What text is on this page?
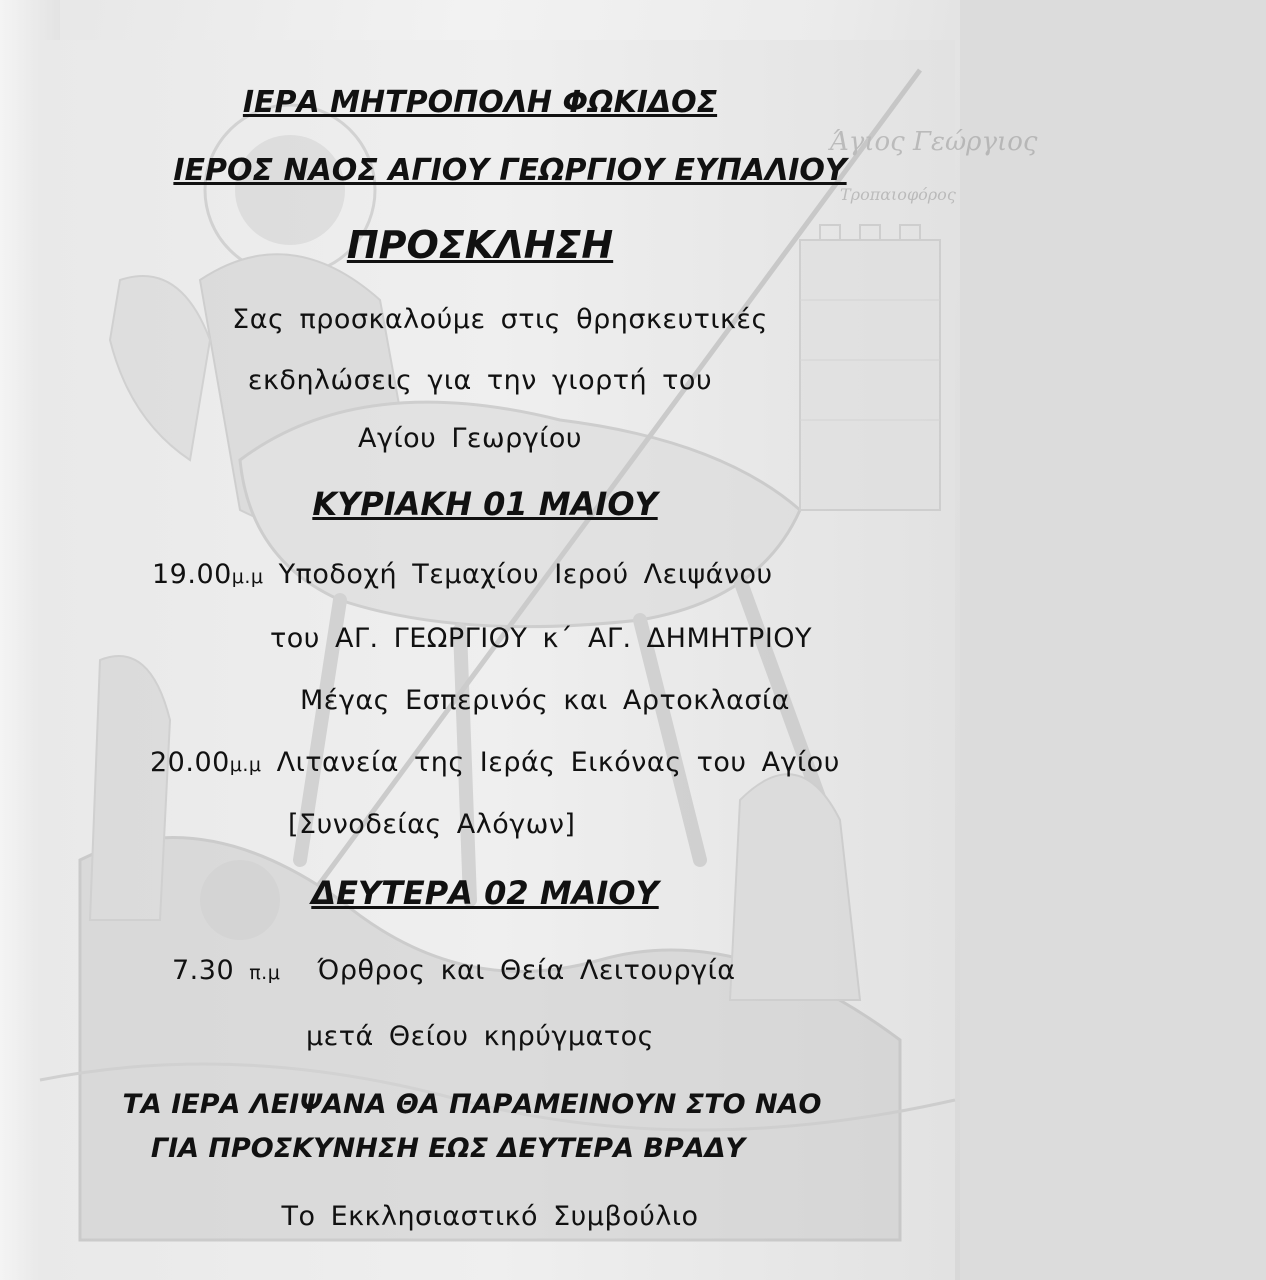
Άγιος Γεώργιος
Τροπαιοφόρος
ΙΕΡΑ ΜΗΤΡΟΠΟΛΗ ΦΩΚΙΔΟΣ
ΙΕΡΟΣ ΝΑΟΣ ΑΓΙΟΥ ΓΕΩΡΓΙΟΥ ΕΥΠΑΛΙΟΥ
ΠΡΟΣΚΛΗΣΗ
Σας προσκαλούμε στις θρησκευτικές
εκδηλώσεις για την γιορτή του
Αγίου Γεωργίου
ΚΥΡΙΑΚΗ 01 ΜΑΙΟΥ
19.00μ.μ Υποδοχή Τεμαχίου Ιερού Λειψάνου
του ΑΓ. ΓΕΩΡΓΙΟΥ κ΄ ΑΓ. ΔΗΜΗΤΡΙΟΥ
Μέγας Εσπερινός και Αρτοκλασία
20.00μ.μ Λιτανεία της Ιεράς Εικόνας του Αγίου
[Συνοδείας Αλόγων]
ΔΕΥΤΕΡΑ 02 ΜΑΙΟΥ
7.30 π.μ Όρθρος και Θεία Λειτουργία
μετά Θείου κηρύγματος
ΤΑ ΙΕΡΑ ΛΕΙΨΑΝΑ ΘΑ ΠΑΡΑΜΕΙΝΟΥΝ ΣΤΟ ΝΑΟ
ΓΙΑ ΠΡΟΣΚΥΝΗΣΗ ΕΩΣ ΔΕΥΤΕΡΑ ΒΡΑΔΥ
Το Εκκλησιαστικό Συμβούλιο
